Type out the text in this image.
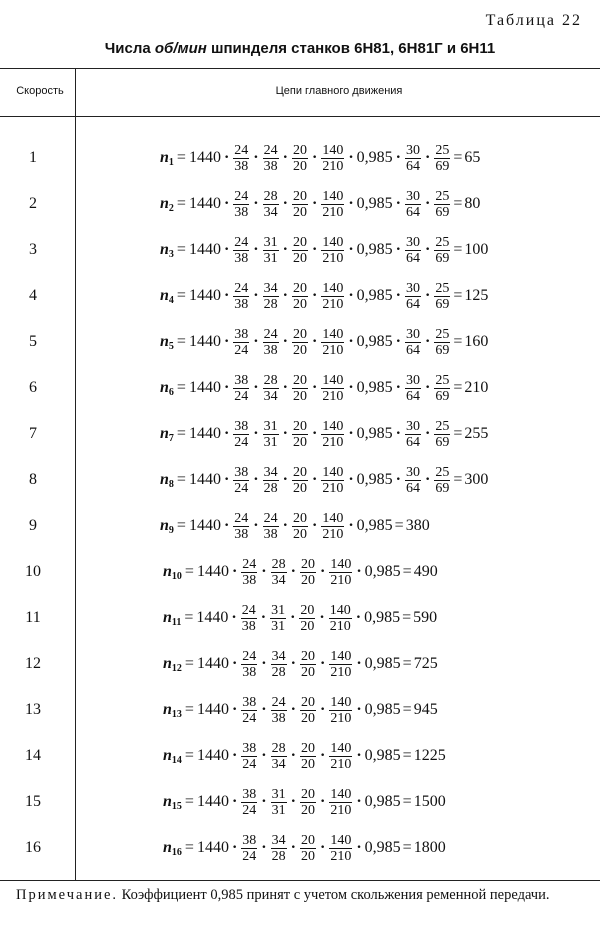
Таблица 22
Числа об/мин шпинделя станков 6Н81, 6Н81Г и 6Н11
Скорость	Цепи главного движения
1	$n_1 = 1440 \cdot \frac{24}{38} \cdot \frac{24}{38} \cdot \frac{20}{20} \cdot \frac{140}{210} \cdot 0,985 \cdot \frac{30}{64} \cdot \frac{25}{69} = 65$
2	$n_2 = 1440 \cdot \frac{24}{38} \cdot \frac{28}{34} \cdot \frac{20}{20} \cdot \frac{140}{210} \cdot 0,985 \cdot \frac{30}{64} \cdot \frac{25}{69} = 80$
3	$n_3 = 1440 \cdot \frac{24}{38} \cdot \frac{31}{31} \cdot \frac{20}{20} \cdot \frac{140}{210} \cdot 0,985 \cdot \frac{30}{64} \cdot \frac{25}{69} = 100$
4	$n_4 = 1440 \cdot \frac{24}{38} \cdot \frac{34}{28} \cdot \frac{20}{20} \cdot \frac{140}{210} \cdot 0,985 \cdot \frac{30}{64} \cdot \frac{25}{69} = 125$
5	$n_5 = 1440 \cdot \frac{38}{24} \cdot \frac{24}{38} \cdot \frac{20}{20} \cdot \frac{140}{210} \cdot 0,985 \cdot \frac{30}{64} \cdot \frac{25}{69} = 160$
6	$n_6 = 1440 \cdot \frac{38}{24} \cdot \frac{28}{34} \cdot \frac{20}{20} \cdot \frac{140}{210} \cdot 0,985 \cdot \frac{30}{64} \cdot \frac{25}{69} = 210$
7	$n_7 = 1440 \cdot \frac{38}{24} \cdot \frac{31}{31} \cdot \frac{20}{20} \cdot \frac{140}{210} \cdot 0,985 \cdot \frac{30}{64} \cdot \frac{25}{69} = 255$
8	$n_8 = 1440 \cdot \frac{38}{24} \cdot \frac{34}{28} \cdot \frac{20}{20} \cdot \frac{140}{210} \cdot 0,985 \cdot \frac{30}{64} \cdot \frac{25}{69} = 300$
9	$n_9 = 1440 \cdot \frac{24}{38} \cdot \frac{24}{38} \cdot \frac{20}{20} \cdot \frac{140}{210} \cdot 0,985 = 380$
10	$n_{10} = 1440 \cdot \frac{24}{38} \cdot \frac{28}{34} \cdot \frac{20}{20} \cdot \frac{140}{210} \cdot 0,985 = 490$
11	$n_{11} = 1440 \cdot \frac{24}{38} \cdot \frac{31}{31} \cdot \frac{20}{20} \cdot \frac{140}{210} \cdot 0,985 = 590$
12	$n_{12} = 1440 \cdot \frac{24}{38} \cdot \frac{34}{28} \cdot \frac{20}{20} \cdot \frac{140}{210} \cdot 0,985 = 725$
13	$n_{13} = 1440 \cdot \frac{38}{24} \cdot \frac{24}{38} \cdot \frac{20}{20} \cdot \frac{140}{210} \cdot 0,985 = 945$
14	$n_{14} = 1440 \cdot \frac{38}{24} \cdot \frac{28}{34} \cdot \frac{20}{20} \cdot \frac{140}{210} \cdot 0,985 = 1225$
15	$n_{15} = 1440 \cdot \frac{38}{24} \cdot \frac{31}{31} \cdot \frac{20}{20} \cdot \frac{140}{210} \cdot 0,985 = 1500$
16	$n_{16} = 1440 \cdot \frac{38}{24} \cdot \frac{34}{28} \cdot \frac{20}{20} \cdot \frac{140}{210} \cdot 0,985 = 1800$
Примечание. Коэффициент 0,985 принят с учетом скольжения ременной передачи.
